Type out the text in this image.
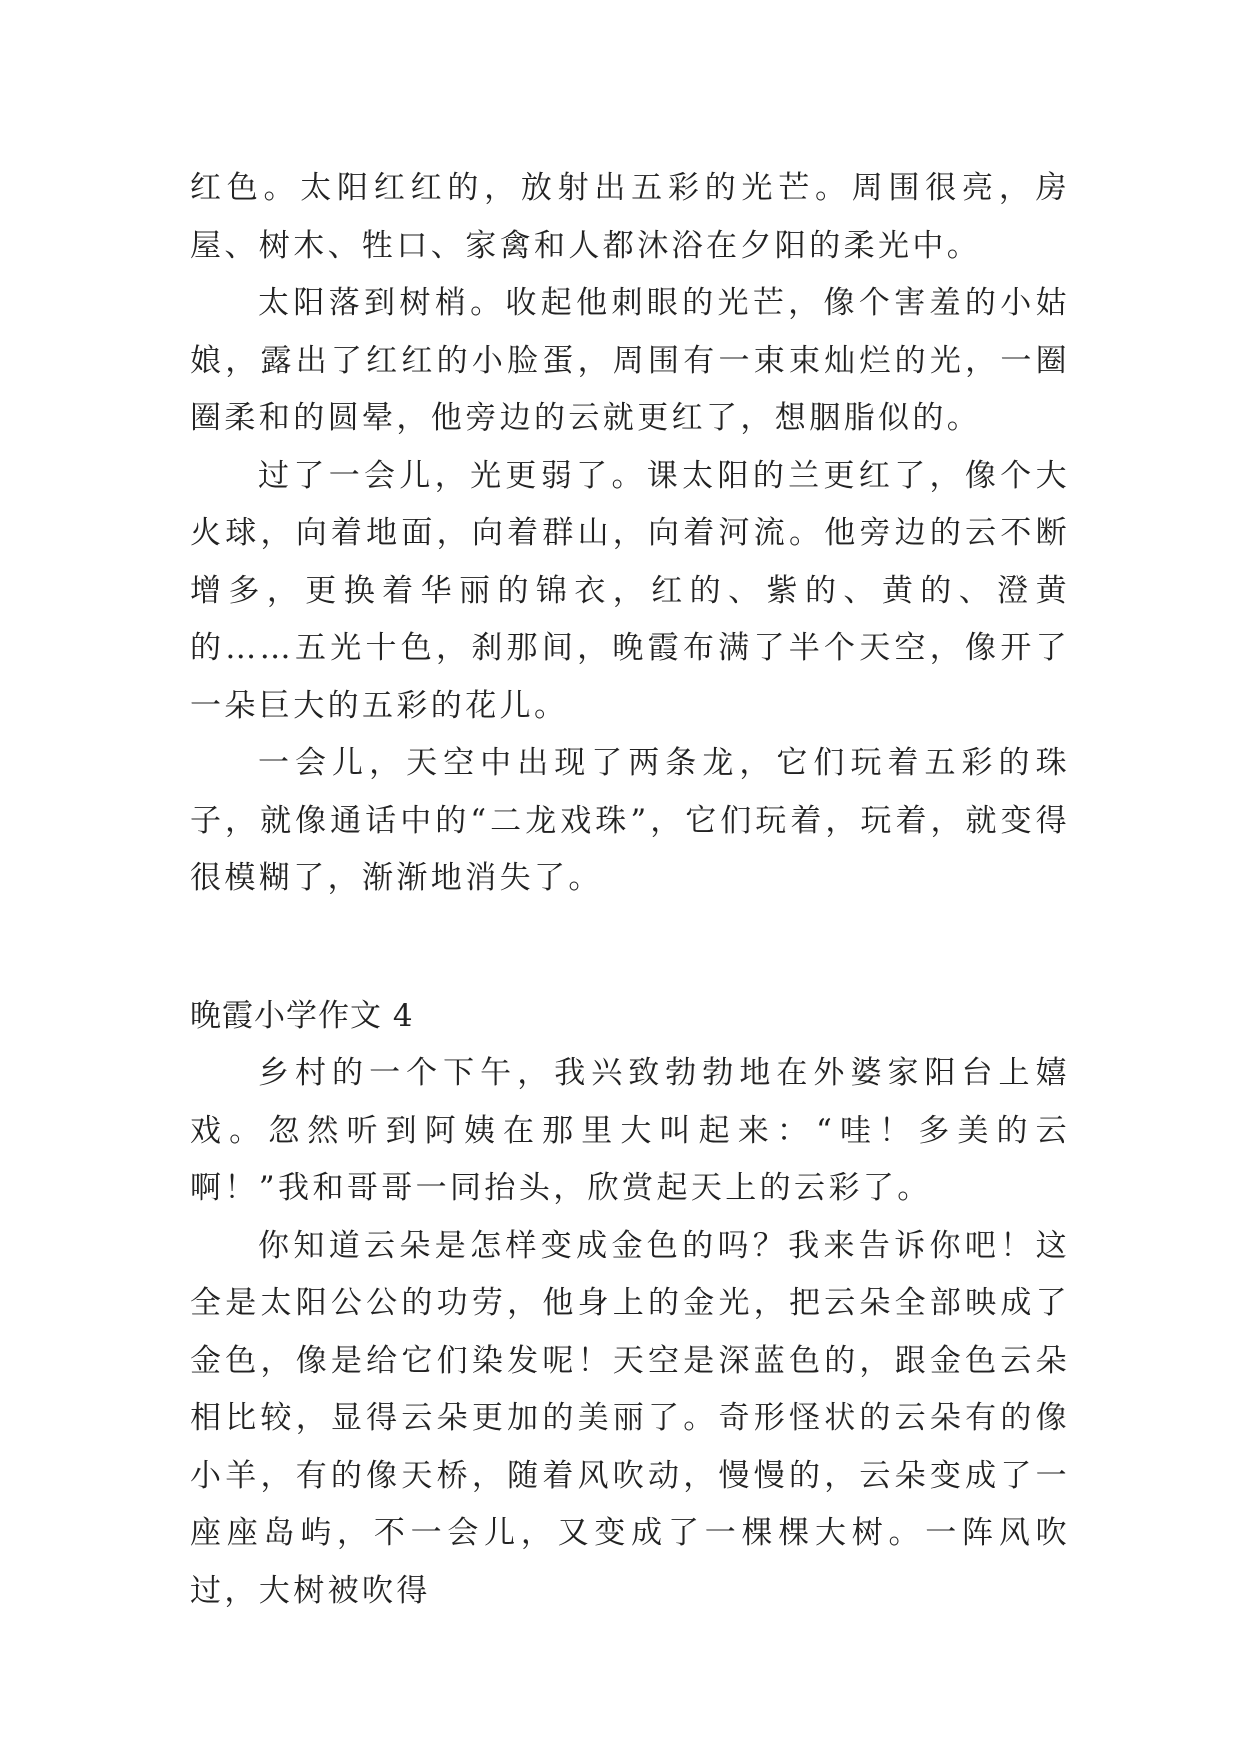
红色。太阳红红的，放射出五彩的光芒。周围很亮，房屋、树木、牲口、家禽和人都沐浴在夕阳的柔光中。

太阳落到树梢。收起他刺眼的光芒，像个害羞的小姑娘，露出了红红的小脸蛋，周围有一束束灿烂的光，一圈圈柔和的圆晕，他旁边的云就更红了，想胭脂似的。

过了一会儿，光更弱了。课太阳的兰更红了，像个大火球，向着地面，向着群山，向着河流。他旁边的云不断增多，更换着华丽的锦衣，红的、紫的、黄的、澄黄的……五光十色，刹那间，晚霞布满了半个天空，像开了一朵巨大的五彩的花儿。

一会儿，天空中出现了两条龙，它们玩着五彩的珠子，就像通话中的“二龙戏珠”，它们玩着，玩着，就变得很模糊了，渐渐地消失了。

晚霞小学作文 4

乡村的一个下午，我兴致勃勃地在外婆家阳台上嬉戏。忽然听到阿姨在那里大叫起来：“哇！多美的云啊！”我和哥哥一同抬头，欣赏起天上的云彩了。

你知道云朵是怎样变成金色的吗？我来告诉你吧！这全是太阳公公的功劳，他身上的金光，把云朵全部映成了金色，像是给它们染发呢！天空是深蓝色的，跟金色云朵相比较，显得云朵更加的美丽了。奇形怪状的云朵有的像小羊，有的像天桥，随着风吹动，慢慢的，云朵变成了一座座岛屿，不一会儿，又变成了一棵棵大树。一阵风吹过，大树被吹得
